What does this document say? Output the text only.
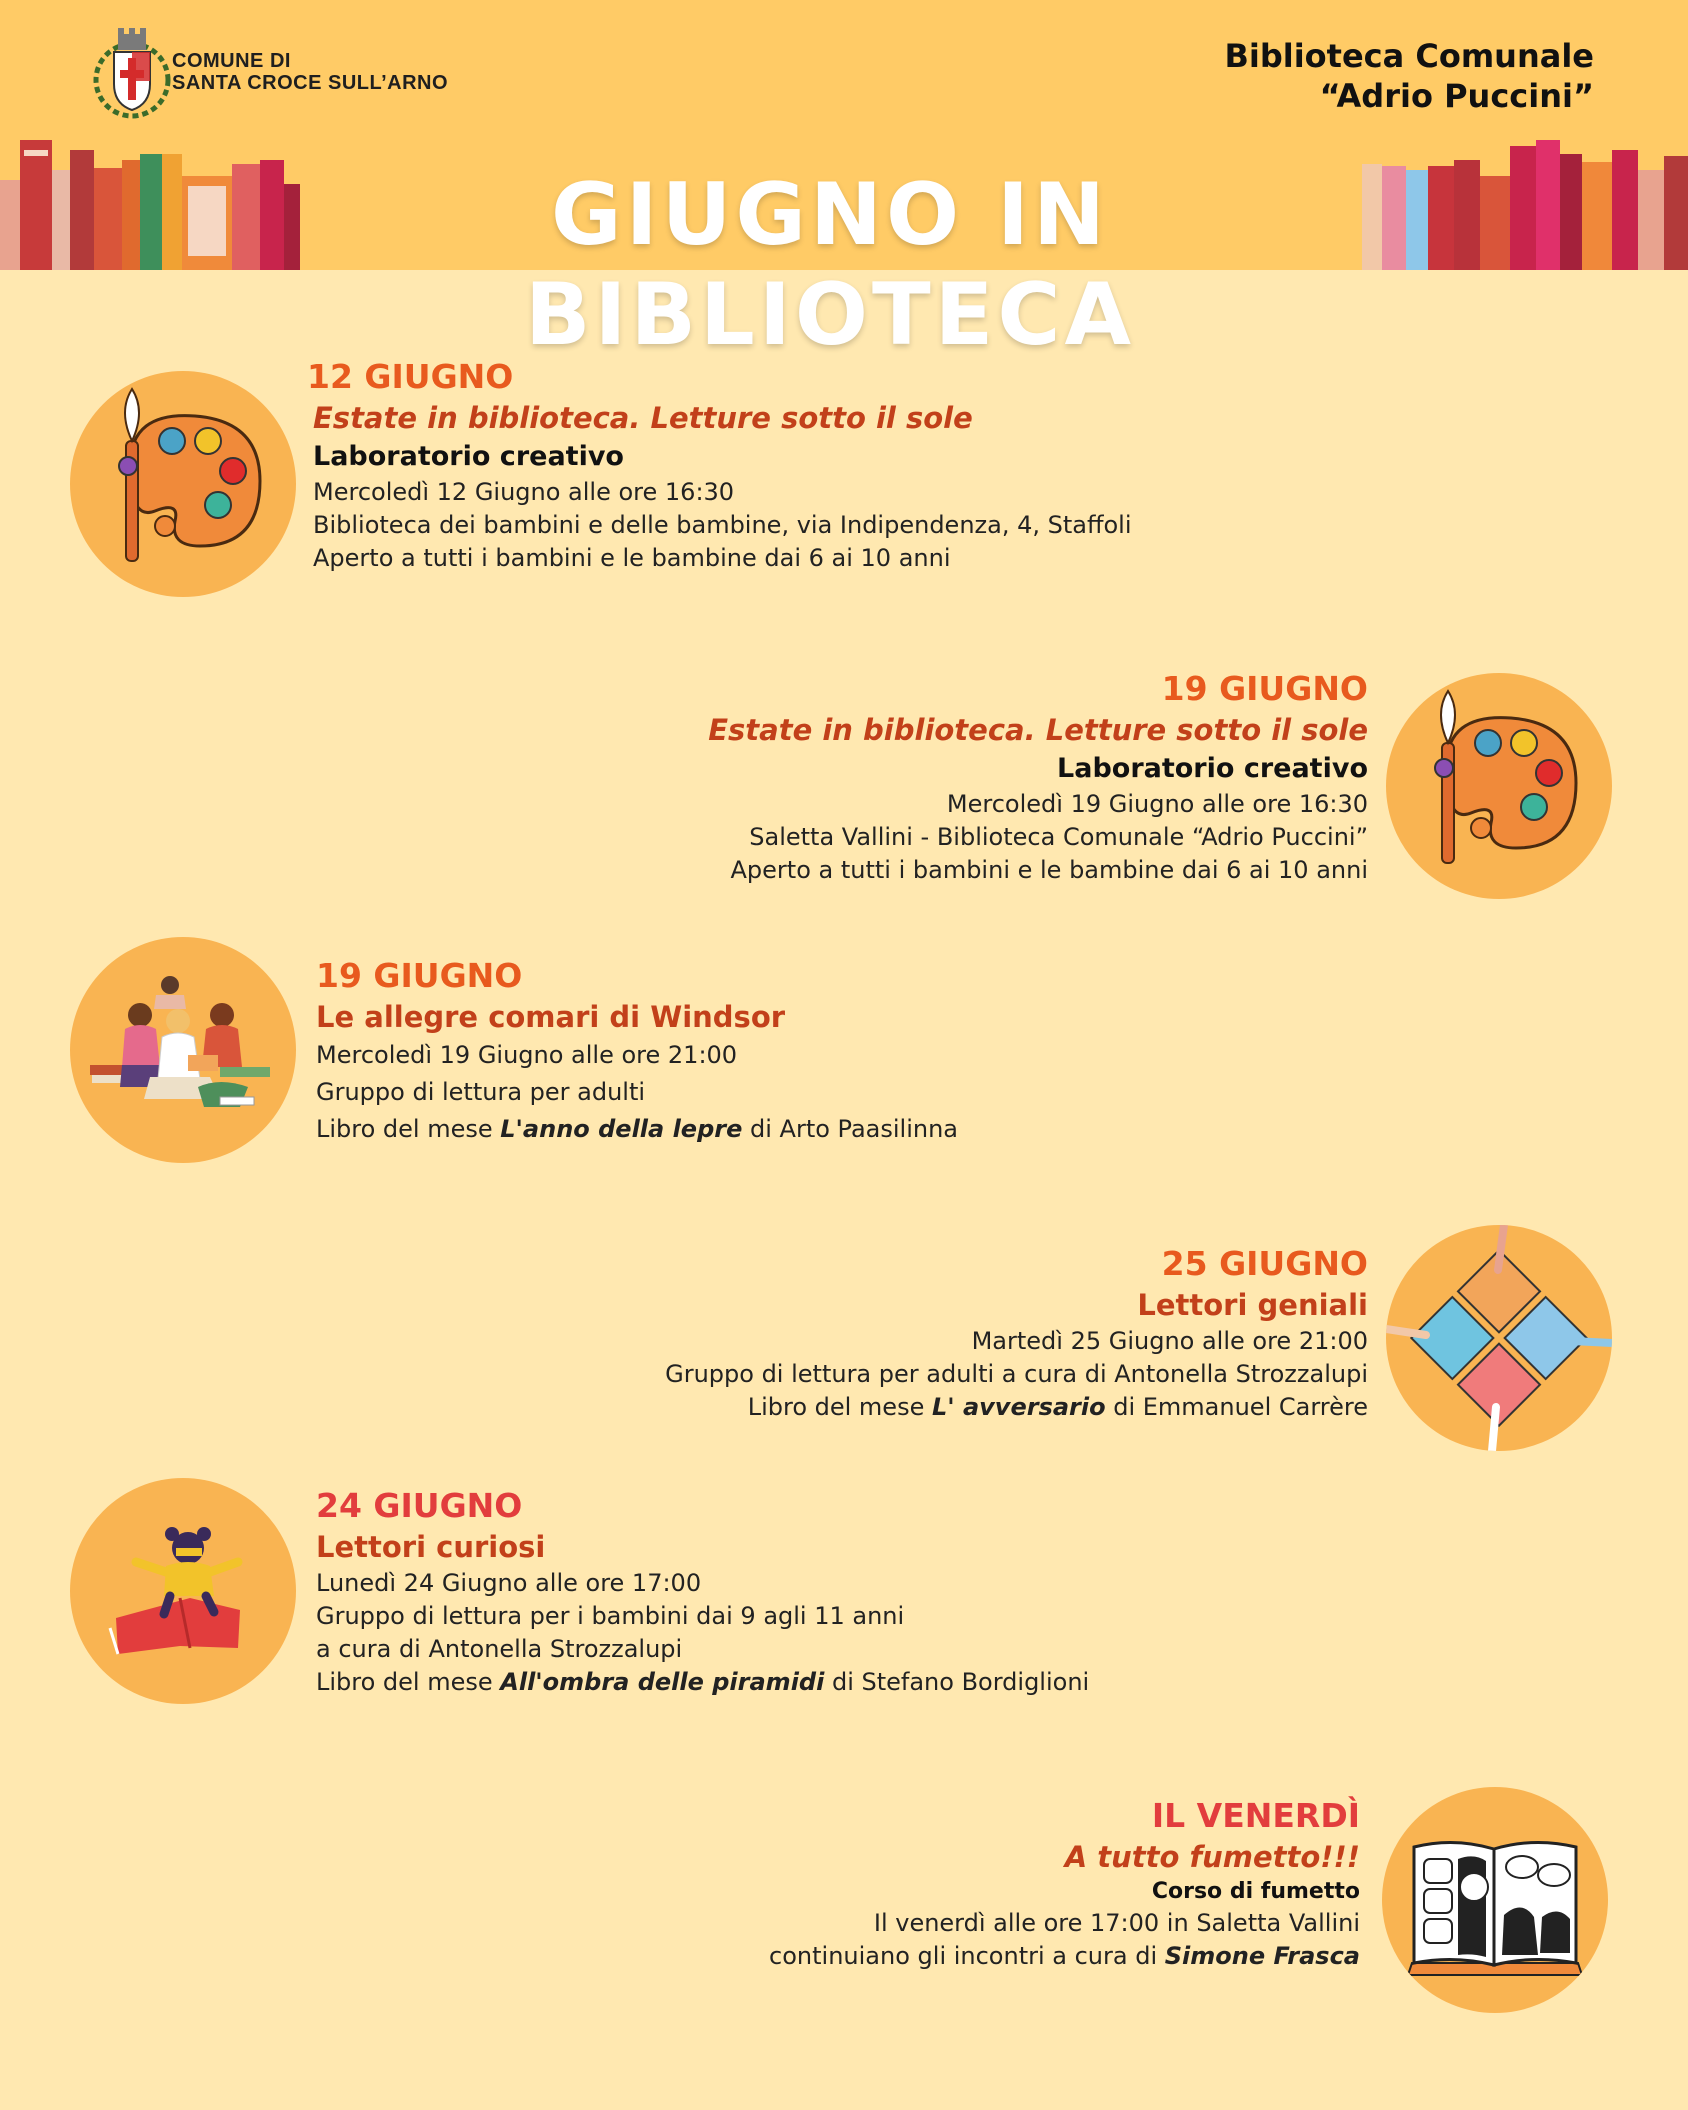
COMUNE DI
SANTA CROCE SULL’ARNO
Biblioteca Comunale
“Adrio Puccini”
GIUGNO IN BIBLIOTECA
12 GIUGNO
Estate in biblioteca. Letture sotto il sole
Laboratorio creativo
Mercoledì 12 Giugno alle ore 16:30
Biblioteca dei bambini e delle bambine, via Indipendenza, 4, Staffoli
Aperto a tutti i bambini e le bambine dai 6 ai 10 anni
19 GIUGNO
Estate in biblioteca. Letture sotto il sole
Laboratorio creativo
Mercoledì 19 Giugno alle ore 16:30
Saletta Vallini - Biblioteca Comunale “Adrio Puccini”
Aperto a tutti i bambini e le bambine dai 6 ai 10 anni
19 GIUGNO
Le allegre comari di Windsor
Mercoledì 19 Giugno alle ore 21:00
Gruppo di lettura per adulti
Libro del mese L'anno della lepre di Arto Paasilinna
25 GIUGNO
Lettori geniali
Martedì 25 Giugno alle ore 21:00
Gruppo di lettura per adulti a cura di Antonella Strozzalupi
Libro del mese L' avversario di Emmanuel Carrère
24 GIUGNO
Lettori curiosi
Lunedì 24 Giugno alle ore 17:00
Gruppo di lettura per i bambini dai 9 agli 11 anni
a cura di Antonella Strozzalupi
Libro del mese All'ombra delle piramidi di Stefano Bordiglioni
IL VENERDÌ
A tutto fumetto!!!
Corso di fumetto
Il venerdì alle ore 17:00 in Saletta Vallini
continuiano gli incontri a cura di Simone Frasca
